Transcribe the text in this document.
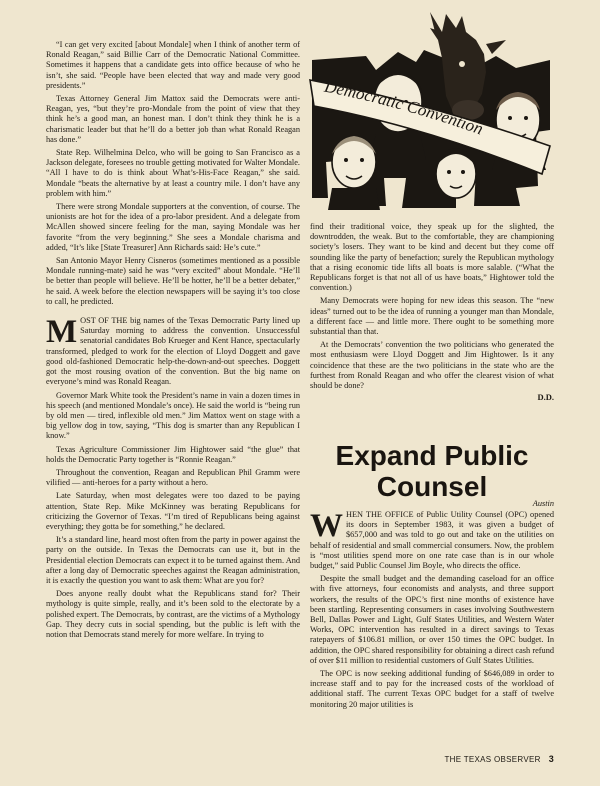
Democratic Convention

“I can get very excited [about Mondale] when I think of another term of Ronald Reagan,” said Billie Carr of the Democratic National Committee. Sometimes it happens that a candidate gets into office because of who he isn’t, she said. “People have been elected that way and made very good presidents.”

Texas Attorney General Jim Mattox said the Democrats were anti-Reagan, yes, “but they’re pro-Mondale from the point of view that they think he’s a good man, an honest man. I don’t think they think he is a charismatic leader but that he’ll do a better job than what Ronald Reagan has done.”

State Rep. Wilhelmina Delco, who will be going to San Francisco as a Jackson delegate, foresees no trouble getting motivated for Walter Mondale. “All I have to do is think about What’s-His-Face Reagan,” she said. Mondale “beats the alternative by at least a country mile. I don’t have any problem with him.”

There were strong Mondale supporters at the convention, of course. The unionists are hot for the idea of a pro-labor president. And a delegate from McAllen showed sincere feeling for the man, saying Mondale was her favorite “from the very beginning.” She sees a Mondale charisma and added, “It’s like [State Treasurer] Ann Richards said: He’s cute.”

San Antonio Mayor Henry Cisneros (sometimes mentioned as a possible Mondale running-mate) said he was “very excited” about Mondale. “He’ll be better than people will believe. He’ll be hotter, he’ll be a better debater,” he said. A week before the election newspapers will be saying it’s too close to call, he predicted.

MOST OF THE big names of the Texas Democratic Party lined up Saturday morning to address the convention. Unsuccessful senatorial candidates Bob Krueger and Kent Hance, spectacularly transformed, pledged to work for the election of Lloyd Doggett and gave good old-fashioned Democratic help-the-down-and-out speeches. Doggett got the most rousing ovation of the convention. But the big name on everyone’s mind was Ronald Reagan.

Governor Mark White took the President’s name in vain a dozen times in his speech (and mentioned Mondale’s once). He said the world is “being run by old men — tired, inflexible old men.” Jim Mattox went on stage with a big yellow dog in tow, saying, “This dog is smarter than any Republican I know.”

Texas Agriculture Commissioner Jim Hightower said “the glue” that holds the Democratic Party together is “Ronnie Reagan.”

Throughout the convention, Reagan and Republican Phil Gramm were vilified — anti-heroes for a party without a hero.

Late Saturday, when most delegates were too dazed to be paying attention, State Rep. Mike McKinney was berating Republicans for criticizing the Governor of Texas. “I’m tired of Republicans being against everything; they gotta be for something,” he declared.

It’s a standard line, heard most often from the party in power against the party on the outside. In Texas the Democrats can use it, but in the Presidential election Democrats can expect it to be turned against them. And after a long day of Democratic speeches against the Reagan administration, it is exactly the question you want to ask them: What are you for?

Does anyone really doubt what the Republicans stand for? Their mythology is quite simple, really, and it’s been sold to the electorate by a polished expert. The Democrats, by contrast, are the victims of a Mythology Gap. They decry cuts in social spending, but the public is left with the notion that Democrats stand merely for more welfare. In trying to

find their traditional voice, they speak up for the slighted, the downtrodden, the weak. But to the comfortable, they are championing society’s losers. They want to be kind and decent but they come off sounding like the party of benefaction; surely the Republican mythology that a rising economic tide lifts all boats is more salable. (“What the Republicans forget is that not all of us have boats,” Hightower told the convention.)

Many Democrats were hoping for new ideas this season. The “new ideas” turned out to be the idea of running a younger man than Mondale, a different face — and little more. There ought to be something more substantial than that.

At the Democrats’ convention the two politicians who generated the most enthusiasm were Lloyd Doggett and Jim Hightower. Is it any coincidence that these are the two politicians in the state who are the furthest from Ronald Reagan and who offer the clearest vision of what should be done?

D.D.
Expand Public Counsel
Austin

WHEN THE OFFICE of Public Utility Counsel (OPC) opened its doors in September 1983, it was given a budget of $657,000 and was told to go out and take on the utilities on behalf of residential and small commercial consumers. Now, the problem is “most utilities spend more on one rate case than is in our whole budget,” said Public Counsel Jim Boyle, who directs the office.

Despite the small budget and the demanding caseload for an office with five attorneys, four economists and analysts, and three support workers, the results of the OPC’s first nine months of existence have been startling. Representing consumers in cases involving Southwestern Bell, Dallas Power and Light, Gulf States Utilities, and Western Water Works, OPC intervention has resulted in a direct savings to Texas ratepayers of $106.81 million, or over 150 times the OPC budget. In addition, the OPC shared responsibility for obtaining a direct cash refund of over $11 million to residential customers of Gulf States Utilities.

The OPC is now seeking additional funding of $646,089 in order to increase staff and to pay for the increased costs of the workload of additional staff. The current Texas OPC budget for a staff of twelve monitoring 20 major utilities is

THE TEXAS OBSERVER 3
